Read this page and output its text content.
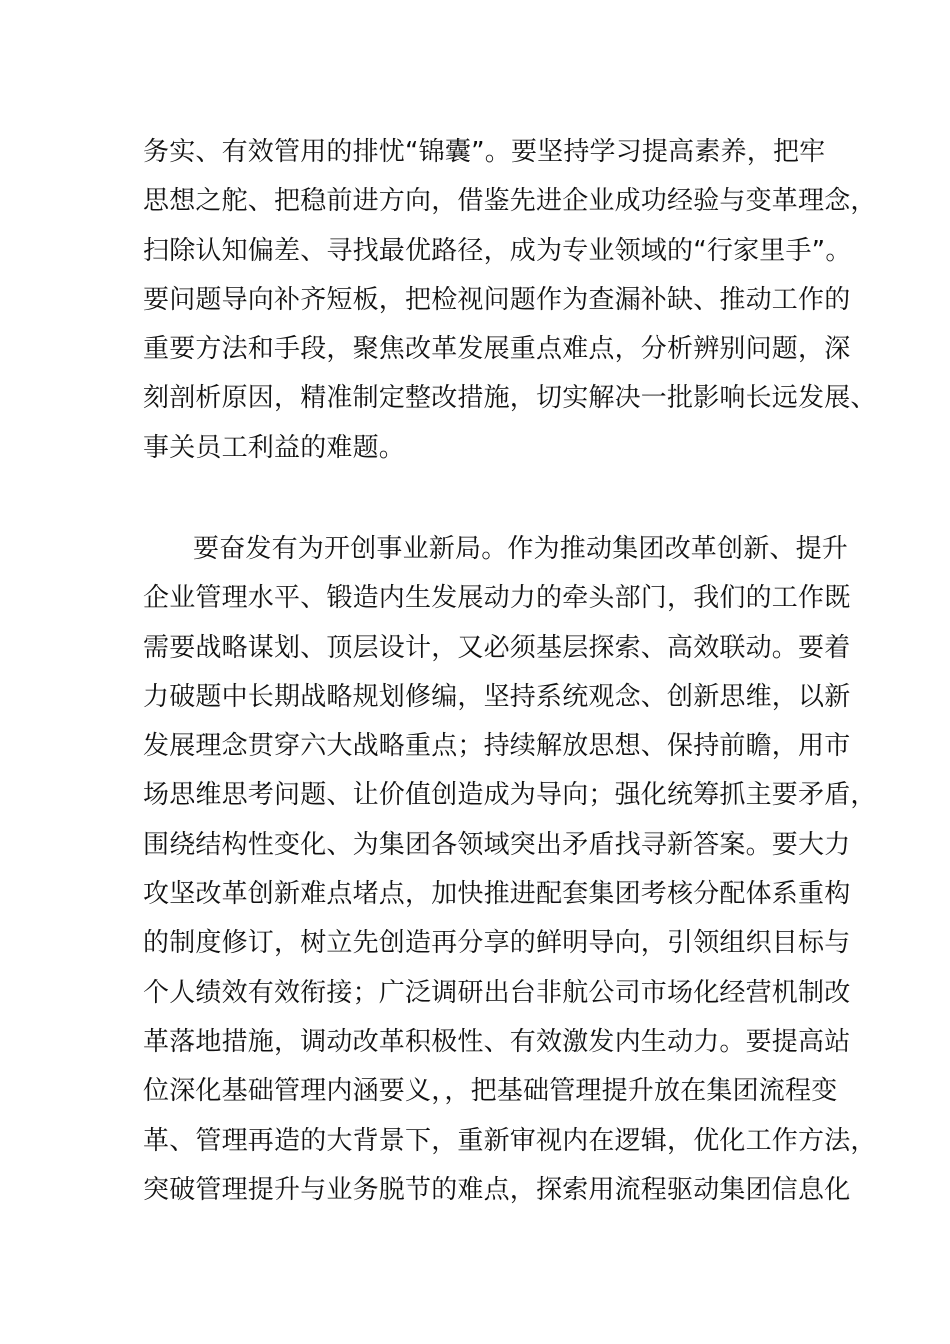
务实、有效管用的排忧“锦囊”。要坚持学习提高素养，把牢
思想之舵、把稳前进方向，借鉴先进企业成功经验与变革理念，
扫除认知偏差、寻找最优路径，成为专业领域的“行家里手”。
要问题导向补齐短板，把检视问题作为查漏补缺、推动工作的
重要方法和手段，聚焦改革发展重点难点，分析辨别问题，深
刻剖析原因，精准制定整改措施，切实解决一批影响长远发展、
事关员工利益的难题。
要奋发有为开创事业新局。作为推动集团改革创新、提升
企业管理水平、锻造内生发展动力的牵头部门，我们的工作既
需要战略谋划、顶层设计，又必须基层探索、高效联动。要着
力破题中长期战略规划修编，坚持系统观念、创新思维，以新
发展理念贯穿六大战略重点；持续解放思想、保持前瞻，用市
场思维思考问题、让价值创造成为导向；强化统筹抓主要矛盾，
围绕结构性变化、为集团各领域突出矛盾找寻新答案。要大力
攻坚改革创新难点堵点，加快推进配套集团考核分配体系重构
的制度修订，树立先创造再分享的鲜明导向，引领组织目标与
个人绩效有效衔接；广泛调研出台非航公司市场化经营机制改
革落地措施，调动改革积极性、有效激发内生动力。要提高站
位深化基础管理内涵要义，，把基础管理提升放在集团流程变
革、管理再造的大背景下，重新审视内在逻辑，优化工作方法，
突破管理提升与业务脱节的难点，探索用流程驱动集团信息化
